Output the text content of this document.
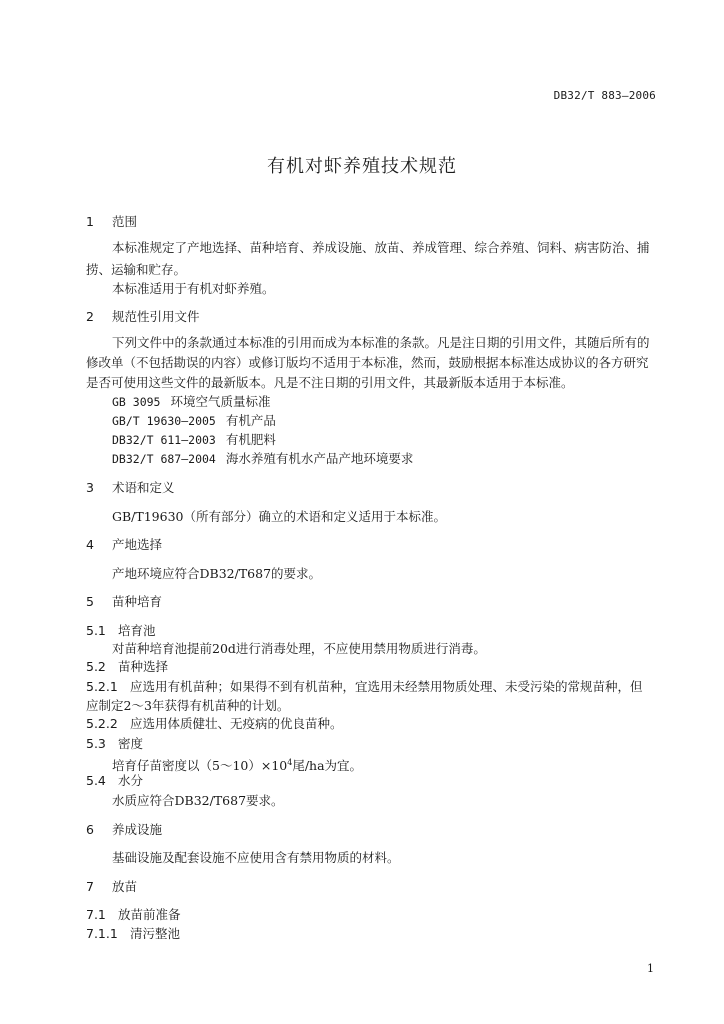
DB32/T 883—2006
有机对虾养殖技术规范
1 范围
本标准规定了产地选择、苗种培育、养成设施、放苗、养成管理、综合养殖、饲料、病害防治、捕
捞、运输和贮存。
本标准适用于有机对虾养殖。
2 规范性引用文件
下列文件中的条款通过本标准的引用而成为本标准的条款。凡是注日期的引用文件，其随后所有的
修改单（不包括勘误的内容）或修订版均不适用于本标准，然而，鼓励根据本标准达成协议的各方研究
是否可使用这些文件的最新版本。凡是不注日期的引用文件，其最新版本适用于本标准。
GB 3095 环境空气质量标准
GB/T 19630—2005 有机产品
DB32/T 611—2003 有机肥料
DB32/T 687—2004 海水养殖有机水产品产地环境要求
3 术语和定义
GB/T19630（所有部分）确立的术语和定义适用于本标准。
4 产地选择
产地环境应符合DB32/T687的要求。
5 苗种培育
5.1 培育池
对苗种培育池提前20d进行消毒处理，不应使用禁用物质进行消毒。
5.2 苗种选择
5.2.1 应选用有机苗种；如果得不到有机苗种，宜选用未经禁用物质处理、未受污染的常规苗种，但
应制定2～3年获得有机苗种的计划。
5.2.2 应选用体质健壮、无疫病的优良苗种。
5.3 密度
培育仔苗密度以$(5\sim 10)\times 10^4$尾/ha为宜。
5.4 水分
水质应符合DB32/T687要求。
6 养成设施
基础设施及配套设施不应使用含有禁用物质的材料。
7 放苗
7.1 放苗前准备
7.1.1 清污整池
1
